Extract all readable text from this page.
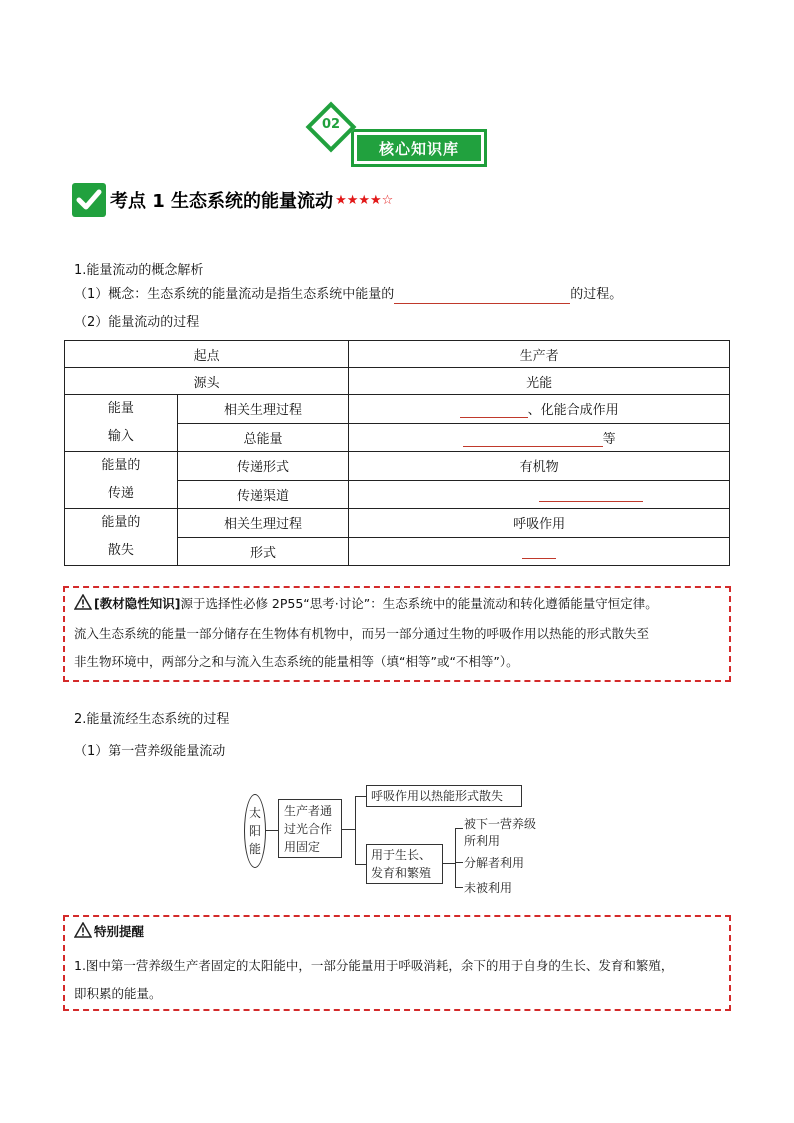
核心知识库
02
考点 1 生态系统的能量流动 ★★★★☆
1.能量流动的概念解析
（1）概念：生态系统的能量流动是指生态系统中能量的	的过程。
（2）能量流动的过程
起点		生产者
源头		光能
能量
输入	相关生理过程	、化能合成作用
	总能量	等
能量的
传递	传递形式	有机物
	传递渠道	
能量的
散失	相关生理过程	呼吸作用
	形式	
[教材隐性知识]源于选择性必修 2P55“思考·讨论”：生态系统中的能量流动和转化遵循能量守恒定律。
流入生态系统的能量一部分储存在生物体有机物中，而另一部分通过生物的呼吸作用以热能的形式散失至
非生物环境中，两部分之和与流入生态系统的能量相等（填“相等”或“不相等”）。
2.能量流经生态系统的过程
（1）第一营养级能量流动
太
阳
能
生产者通
过光合作
用固定
呼吸作用以热能形式散失
用于生长、
发育和繁殖
被下一营养级
所利用
分解者利用
未被利用
特别提醒
1.图中第一营养级生产者固定的太阳能中，一部分能量用于呼吸消耗，余下的用于自身的生长、发育和繁殖，
即积累的能量。
